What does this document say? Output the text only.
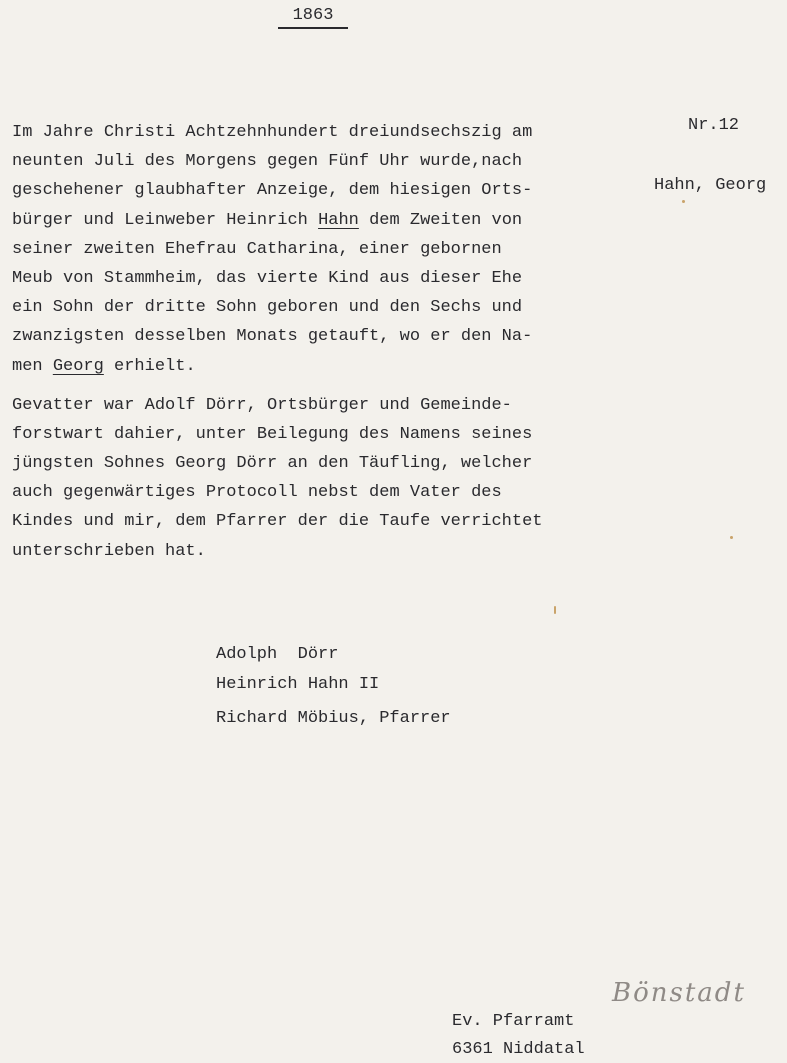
1863
Nr.12
Hahn, Georg
Im Jahre Christi Achtzehnhundert dreiundsechszig am
neunten Juli des Morgens gegen Fünf Uhr wurde,nach
geschehener glaubhafter Anzeige, dem hiesigen Orts-
bürger und Leinweber Heinrich Hahn dem Zweiten von
seiner zweiten Ehefrau Catharina, einer gebornen
Meub von Stammheim, das vierte Kind aus dieser Ehe
ein Sohn der dritte Sohn geboren und den Sechs und
zwanzigsten desselben Monats getauft, wo er den Na-
men Georg erhielt.
Gevatter war Adolf Dörr, Ortsbürger und Gemeinde-
forstwart dahier, unter Beilegung des Namens seines
jüngsten Sohnes Georg Dörr an den Täufling, welcher
auch gegenwärtiges Protocoll nebst dem Vater des
Kindes und mir, dem Pfarrer der die Taufe verrichtet
unterschrieben hat.
Adolph  Dörr
Heinrich Hahn II
Richard Möbius, Pfarrer
Bönstadt
Ev. Pfarramt
6361 Niddatal
